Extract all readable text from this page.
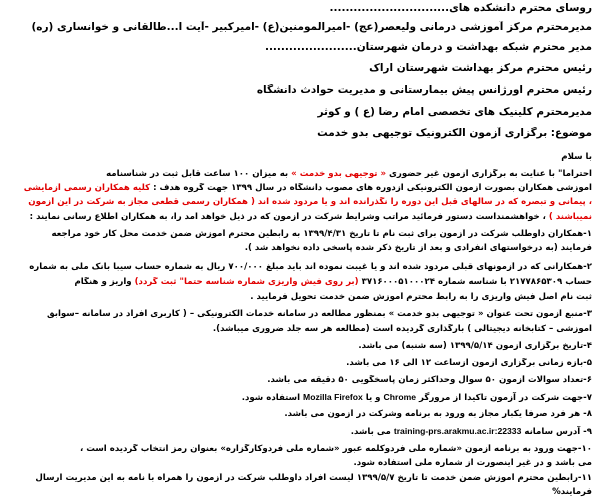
روسای محترم دانشکده های..............................
مدیرمحترم مرکز آموزشی درمانی ولیعصر(عج) -امیرالمومنین(ع) -امیرکبیر -آیت ا...طالقانی و خوانساری (ره)
مدیر محترم شبکه بهداشت و درمان شهرستان.......................
رئیس محترم مرکز بهداشت شهرستان اراک
رئیس محترم اورژانس پیش بیمارستانی و مدیریت حوادث دانشگاه
مدیرمحترم کلینیک های تخصصی امام رضا (ع ) و کوثر
موضوع: برگزاری آزمون الکترونیک توجیهی بدو خدمت
با سلام
احتراما" با عنایت به برگزاری آزمون غیر حضوری « توجیهی بدو خدمت » به میزان ۱۰۰ ساعت قابل ثبت در شناسنامه
اموزشی همکاران بصورت آزمون الکترونیکی ازدوره های مصوب دانشگاه در سال ۱۳۹۹ جهت گروه هدف : کلیه همکاران رسمی آزمایشی
، پیمانی و تبصره که در سالهای قبل این دوره را نگذرانده اند و یا مردود شده اند ( همکاران رسمی قطعی مجاز به شرکت در این آزمون
نمیباشند ) ، خواهشمنداست دستور فرمائید مراتب وشرایط شرکت در آزمون که در ذیل خواهد امد را، به همکاران اطلاع رسانی نمایند :
۱-همکاران داوطلب شرکت در آزمون برای ثبت نام تا تاریخ ۱۳۹۹/۴/۳۱ به رابطین محترم آموزش ضمن خدمت محل کار خود مراجعه
فرمایند (به درخواستهای انفرادی و بعد از تاریخ ذکر شده پاسخی داده نخواهد شد ).
۲-همکارانی که در آزمونهای قبلی مردود شده اند و یا غیبت نموده اند باید مبلغ ۷۰۰/۰۰۰ ریال به شماره حساب سیبا بانک ملی به شماره
حساب ۲۱۷۷۸۶۵۳۰۹ با شناسه شماره ۳۷۱۶۰۰۰۵۱۰۰۰۲۴ (بر روی فیش واریزی شماره شناسه حتما" ثبت گردد) واریز و هنگام
ثبت نام اصل فیش واریزی را به رابط محترم آموزش ضمن خدمت تحویل فرمایید .
۳-منبع آزمون تحت عنوان « توجیهی بدو خدمت » بمنظور مطالعه در سامانه خدمات الکترونیکی – ( کاربری افراد در سامانه –سوابق
اموزشی – کتابخانه دیجیتالی ) بارگذاری گردیده است (مطالعه هر سه جلد ضروری میباشد).
۴-تاریخ برگزاری آزمون ۱۳۹۹/۵/۱۴ (سه شنبه) می باشد.
۵-بازه زمانی برگزاری آزمون ازساعت ۱۲ الی ۱۶ می باشد.
۶-تعداد سوالات آزمون ۵۰ سوال وحداکثر زمان پاسخگویی ۵۰ دقیقه می باشد.
۷-جهت شرکت در آزمون تاکیدا از مرورگر Chrome و یا Mozilla Firefox استفاده شود.
۸- هر فرد صرفا یکبار مجاز به ورود به برنامه وشرکت در آزمون می باشد.
۹- آدرس سامانه training-prs.arakmu.ac.ir:22333 می باشد.
۱۰-جهت ورود به برنامه آزمون «شماره ملی فردوکلمه عبور «شماره ملی فردوکارگزاره» بعنوان رمز انتخاب گردیده است ،
می باشد و در غیر اینصورت از شماره ملی استفاده شود.
۱۱-رابطین محترم آموزش ضمن خدمت تا تاریخ ۱۳۹۹/۵/۷ لیست افراد داوطلب شرکت در آزمون را همراه با نامه به این مدیریت ارسال
فرمایند%
